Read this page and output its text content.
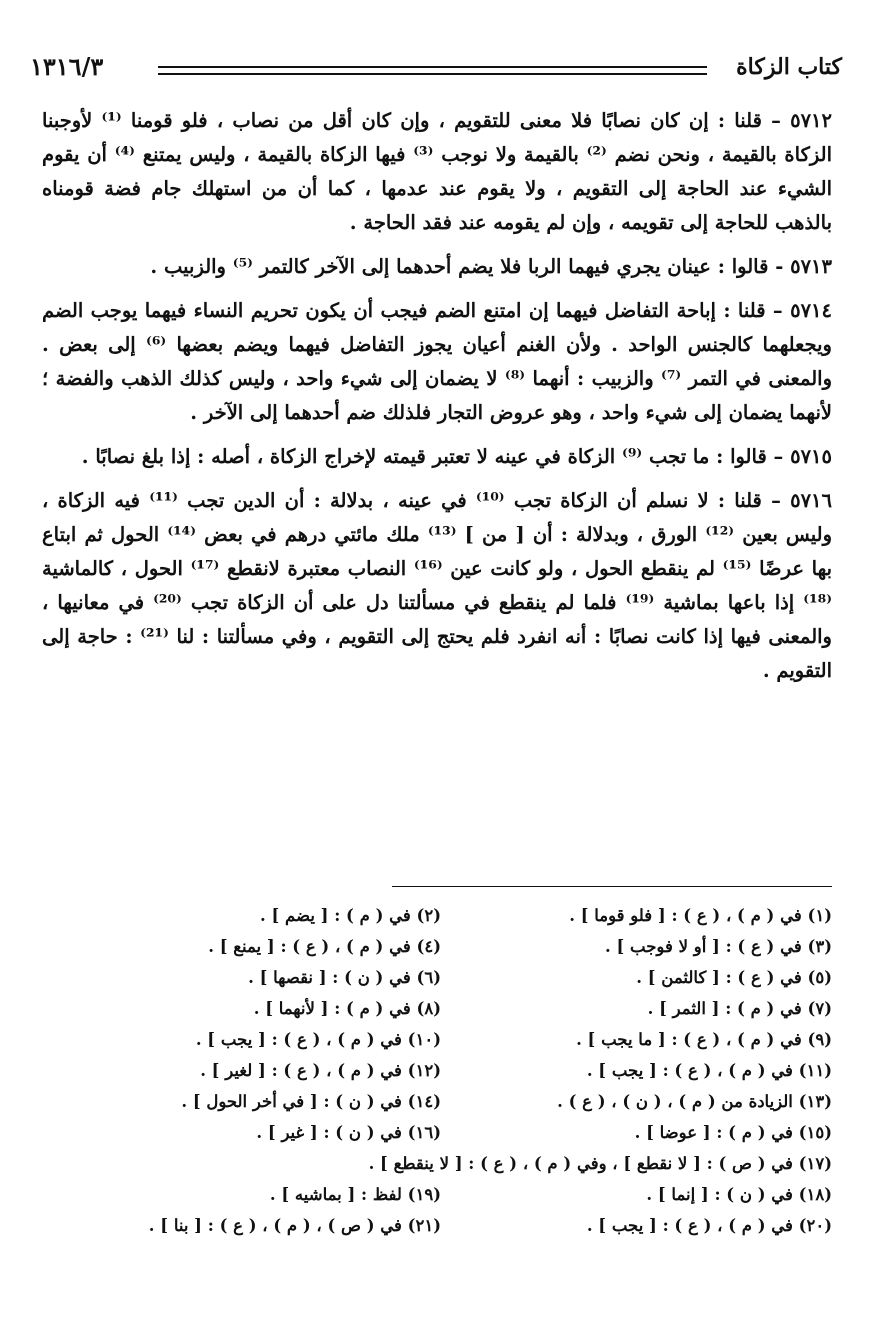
١٣١٦/٣	كتاب الزكاة

٥٧١٢ – قلنا : إن كان نصابًا فلا معنى للتقويم ، وإن كان أقل من نصاب ، فلو قومنا ⁽¹⁾ لأوجبنا الزكاة بالقيمة ، ونحن نضم ⁽²⁾ بالقيمة ولا نوجب ⁽³⁾ فيها الزكاة بالقيمة ، وليس يمتنع ⁽⁴⁾ أن يقوم الشيء عند الحاجة إلى التقويم ، ولا يقوم عند عدمها ، كما أن من استهلك جام فضة قومناه بالذهب للحاجة إلى تقويمه ، وإن لم يقومه عند فقد الحاجة .

٥٧١٣ - قالوا : عينان يجري فيهما الربا فلا يضم أحدهما إلى الآخر كالتمر ⁽⁵⁾ والزبيب .

٥٧١٤ – قلنا : إباحة التفاضل فيهما إن امتنع الضم فيجب أن يكون تحريم النساء فيهما يوجب الضم ويجعلهما كالجنس الواحد . ولأن الغنم أعيان يجوز التفاضل فيهما ويضم بعضها ⁽⁶⁾ إلى بعض . والمعنى في التمر ⁽⁷⁾ والزبيب : أنهما ⁽⁸⁾ لا يضمان إلى شيء واحد ، وليس كذلك الذهب والفضة ؛ لأنهما يضمان إلى شيء واحد ، وهو عروض التجار فلذلك ضم أحدهما إلى الآخر .

٥٧١٥ – قالوا : ما تجب ⁽⁹⁾ الزكاة في عينه لا تعتبر قيمته لإخراج الزكاة ، أصله : إذا بلغ نصابًا .

٥٧١٦ – قلنا : لا نسلم أن الزكاة تجب ⁽¹⁰⁾ في عينه ، بدلالة : أن الدين تجب ⁽¹¹⁾ فيه الزكاة ، وليس بعين ⁽¹²⁾ الورق ، وبدلالة : أن [ من ] ⁽¹³⁾ ملك مائتي درهم في بعض ⁽¹⁴⁾ الحول ثم ابتاع بها عرضًا ⁽¹⁵⁾ لم ينقطع الحول ، ولو كانت عين ⁽¹⁶⁾ النصاب معتبرة لانقطع ⁽¹⁷⁾ الحول ، كالماشية ⁽¹⁸⁾ إذا باعها بماشية ⁽¹⁹⁾ فلما لم ينقطع في مسألتنا دل على أن الزكاة تجب ⁽²⁰⁾ في معانيها ، والمعنى فيها إذا كانت نصابًا : أنه انفرد فلم يحتج إلى التقويم ، وفي مسألتنا : لنا ⁽²¹⁾ : حاجة إلى التقويم .

(١) في ( م ) ، ( ع ) : [ فلو قوما ] .
(٢) في ( م ) : [ يضم ] .
(٣) في ( ع ) : [ أو لا فوجب ] .
(٤) في ( م ) ، ( ع ) : [ يمنع ] .
(٥) في ( ع ) : [ كالثمن ] .
(٦) في ( ن ) : [ نقصها ] .
(٧) في ( م ) : [ الثمر ] .
(٨) في ( م ) : [ لأنهما ] .
(٩) في ( م ) ، ( ع ) : [ ما يجب ] .
(١٠) في ( م ) ، ( ع ) : [ يجب ] .
(١١) في ( م ) ، ( ع ) : [ يجب ] .
(١٢) في ( م ) ، ( ع ) : [ لغير ] .
(١٣) الزيادة من ( م ) ، ( ن ) ، ( ع ) .
(١٤) في ( ن ) : [ في أخر الحول ] .
(١٥) في ( م ) : [ عوضا ] .
(١٦) في ( ن ) : [ غير ] .
(١٧) في ( ص ) : [ لا نقطع ] ، وفي ( م ) ، ( ع ) : [ لا ينقطع ] .
(١٨) في ( ن ) : [ إنما ] .
(١٩) لفظ : [ بماشيه ] .
(٢٠) في ( م ) ، ( ع ) : [ يجب ] .
(٢١) في ( ص ) ، ( م ) ، ( ع ) : [ بنا ] .
